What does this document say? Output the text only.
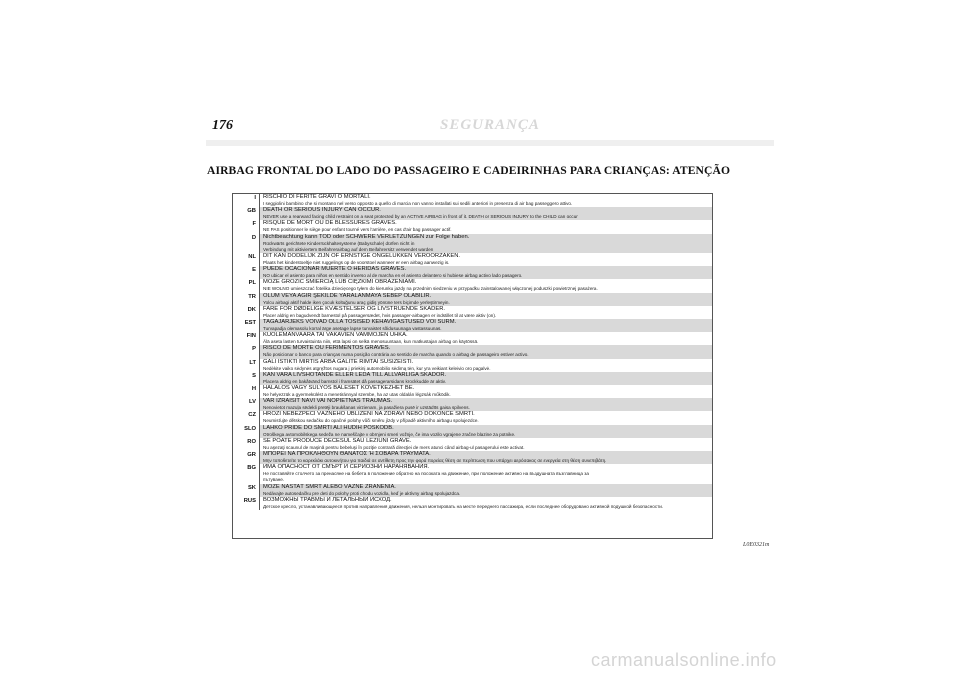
176	SEGURANÇA
AIRBAG FRONTAL DO LADO DO PASSAGEIRO E CADEIRINHAS PARA CRIANÇAS: ATENÇÃO
I	RISCHIO DI FERITE GRAVI O MORTALI.
I seggiolini bambino che si montano nel verso opposto a quello di marcia non vanno installati sui sedili anteriori in presenza di air bag passeggero attivo.
GB	DEATH OR SERIOUS INJURY CAN OCCUR.
NEVER use a rearward facing child restraint on a seat protected by an ACTIVE AIRBAG in front of it. DEATH or SERIOUS INJURY to the CHILD can occur
F	RISQUE DE MORT OU DE BLESSURES GRAVES.
NE PAS positionner le siège pour enfant tourné vers l'arrière, en cas d'air bag passager actif.
D	Nichtbeachtung kann TOD oder SCHWERE VERLETZUNGEN zur Folge haben.
Rückwärts gerichtete Kinderrückhaltesysteme (Babyschale) dürfen nicht in
Verbindung mit aktiviertem Beifahrerairbag auf dem Beifahrersitz verwendet warden
NL	DIT KAN DODELIJK ZIJN OF ERNSTIGE ONGELUKKEN VEROORZAKEN.
Plaats het kinderstoeltje niet ruggelings op de voorstoel wanneer er een airbag aanwezig is.
E	PUEDE OCACIONAR MUERTE O HERIDAS GRAVES.
NO ubicar el asiento para niños en sentido inverso al de marcha en el asiento delantero si hubiese airbag activo lado pasagero.
PL	MOŻE GROZIĆ ŚMIERCIĄ LUB CIĘŻKIMI OBRAŻENIAMI.
NIE WOLNO umieszczać fotelika dziecięcego tyłem do kierunku jazdy na przednim siedzeniu w przypadku zainstalowanej włączonej poduszki powietrznej pasażera.
TR	ÖLÜM VEYA AĞIR ŞEKİLDE YARALANMAYA SEBEP OLABİLİR.
Yolcu airbagi aktif halde iken çocuk koltuğunu araç gidiş yönüne ters biçimde yerleştirmeyin.
DK	FARE FOR DØDELIGE KVÆSTELSER OG LIVSTRUENDE SKADER.
Placer aldrig en bagudvendt barnestol på passagersædet, hvis passager-airbagen er indstillet til at være aktiv (on).
EST	TAGAJÄRJEKS VÕIVAD OLLA TÕSISED KEHAVIGASTUSED VÕI SURM.
Turvapadja olemasolu korral ärge asetage lapse turvaistet sõidusuunaga vastassuunas.
FIN	KUOLEMANVAARA TAI VAKAVIEN VAMMOJEN UHKA.
Älä aseta lasten turvaistuinta niin, että lapsi on selkä menosuuntaan, kun matkustajan airbag on käytössä.
P	RISCO DE MORTE OU FERIMENTOS GRAVES.
Não posicionar o banco para crianças numa posição contrária ao sentido de marcha quando o airbag de passageiro estiver activo.
LT	GALI IŠTIKTI MIRTIS ARBA GALITE RIMTAI SUSIŽEISTI.
Nedėkite vaiko sėdynės atgręžtos nugara į priekinį automobilio sėdimą tėn, kur yra veikiant keleivio oro pagalvė.
S	KAN VARA LIVSHOTANDE ELLER LEDA TILL ALLVARLIGA SKADOR.
Placera aldrig en bakåtvänd barnstol i framsätet då passagerarsidans krockkudde är aktiv.
H	HALÁLOS VAGY SÚLYOS BALESET KÖVETKEZHET BE.
Ne helyezzük a gyermekülést a menetiránnyal szembe, ha az utas oldalán légzsák működik.
LV	VAR IZRAISĪT NĀVI VAI NOPIETNAS TRAUMAS.
Nenovietot mazuļa sēdekli pretēji braukšanas virzienam, ja pasažiera pusē ir uzstādīts gaisa spilvens.
CZ	HROZÍ NEBEZPEČÍ VÁŽNÉHO UBLÍŽENÍ NA ZDRAVÍ NEBO DOKONCE SMRTI.
Neumisťujte dětskou sedačku do opačné polohy vůči směru jízdy v případě aktivního airbagu spolujezdce.
SLO	LAHKO PRIDE DO SMRTI ALI HUDIH POŠKODB.
Otroškega avtomobilskega sedeža ne nameščajte v obrnjeni smeri vožnje, če ima vozilo vgrajene zračne blazine za potnike.
RO	SE POATE PRODUCE DECESUL SAU LEZIUNI GRAVE.
Nu aşezaţi scaunul de maşină pentru bebeluşi în poziţie contrară direcţiei de mers atunci când airbag-ul pasagerului este activat.
GR	ΜΠΟΡΕΙ ΝΑ ΠΡΟΚΛΗΘΟΥΝ ΘΑΝΑΤΟΣ Ή ΣΟΒΑΡΑ ΤΡΑΥΜΑΤΑ.
Μην τοποθετείτε το καρεκλάκι αυτοκινήτου για παιδιά σε αντίθετη προς την φορά πορείας θέση σε περίπτωση που υπάρχει αερόσακος σε ενεργεία στη θέση συνεπιβάτη.
BG	ИМА ОПАСНОСТ ОТ СМЪРТ И СЕРИОЗНИ НАРАНЯВАНИЯ.
Не поставяйте столчето за пренасяне на бебета в положение обратно на посоката на движение, при положение активно на въздушната възглавница за
пътуване.
SK	MÔŽE NASTAŤ SMRŤ ALEBO VÁŽNE ZRANENIA.
Nedávajte autosedačku pre deti do polohy proti chodu vozidla, keď je aktívny airbag spolujazdca.
RUS	ВОЗМОЖНЫ ТРАВМЫ И ЛЕТАЛЬНЫЙ ИСХОД.
Детское кресло, устанавливающееся против направления движения, нельзя монтировать на месте переднего пассажира, если последнее оборудовано активной подушкой безопасности.
L0E0321m
carmanualsonline.info
